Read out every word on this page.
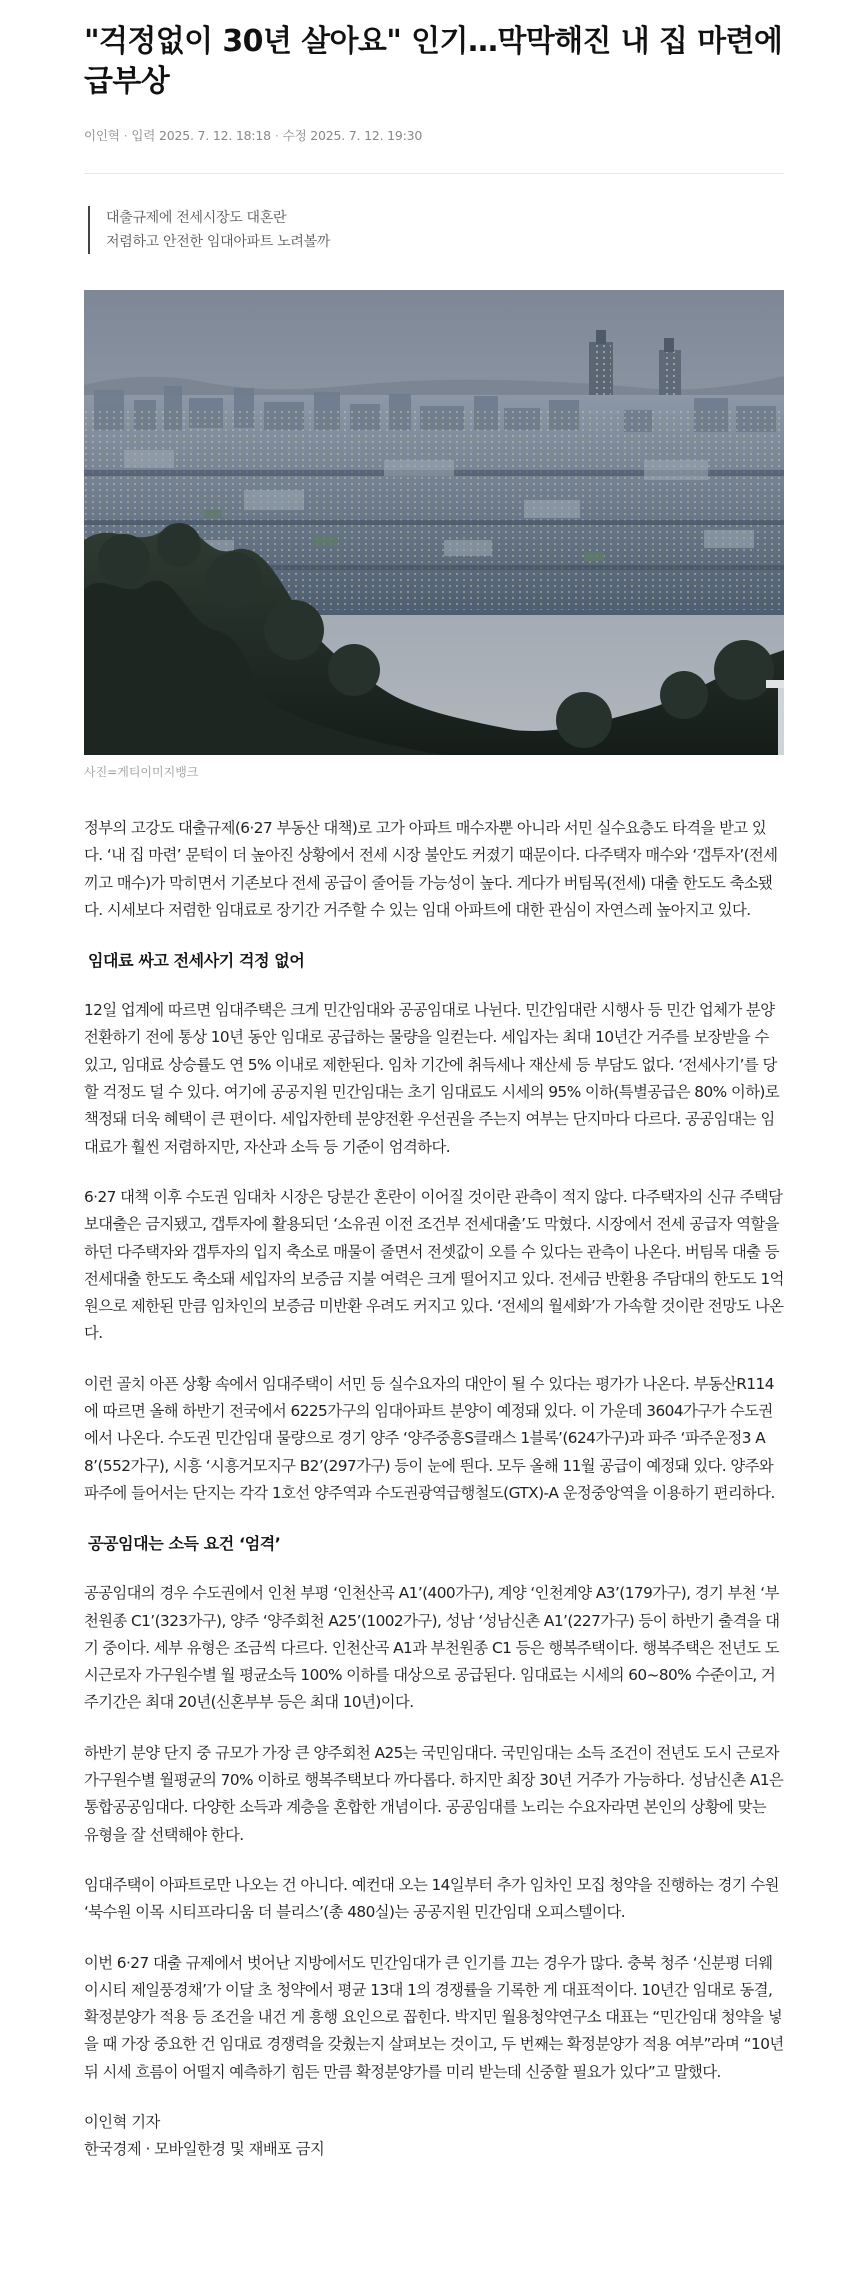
"걱정없이 30년 살아요" 인기…막막해진 내 집 마련에 급부상
이인혁 · 입력 2025. 7. 12. 18:18 · 수정 2025. 7. 12. 19:30
대출규제에 전세시장도 대혼란
저렴하고 안전한 임대아파트 노려볼까
사진=게티이미지뱅크

정부의 고강도 대출규제(6·27 부동산 대책)로 고가 아파트 매수자뿐 아니라 서민 실수요층도 타격을 받고 있다. ‘내 집 마련’ 문턱이 더 높아진 상황에서 전세 시장 불안도 커졌기 때문이다. 다주택자 매수와 ‘갭투자’(전세 끼고 매수)가 막히면서 기존보다 전세 공급이 줄어들 가능성이 높다. 게다가 버팀목(전세) 대출 한도도 축소됐다. 시세보다 저렴한 임대료로 장기간 거주할 수 있는 임대 아파트에 대한 관심이 자연스레 높아지고 있다.

임대료 싸고 전세사기 걱정 없어

12일 업계에 따르면 임대주택은 크게 민간임대와 공공임대로 나뉜다. 민간임대란 시행사 등 민간 업체가 분양전환하기 전에 통상 10년 동안 임대로 공급하는 물량을 일컫는다. 세입자는 최대 10년간 거주를 보장받을 수 있고, 임대료 상승률도 연 5% 이내로 제한된다. 임차 기간에 취득세나 재산세 등 부담도 없다. ‘전세사기’를 당할 걱정도 덜 수 있다. 여기에 공공지원 민간임대는 초기 임대료도 시세의 95% 이하(특별공급은 80% 이하)로 책정돼 더욱 혜택이 큰 편이다. 세입자한테 분양전환 우선권을 주는지 여부는 단지마다 다르다. 공공임대는 임대료가 훨씬 저렴하지만, 자산과 소득 등 기준이 엄격하다.

6·27 대책 이후 수도권 임대차 시장은 당분간 혼란이 이어질 것이란 관측이 적지 않다. 다주택자의 신규 주택담보대출은 금지됐고, 갭투자에 활용되던 ‘소유권 이전 조건부 전세대출’도 막혔다. 시장에서 전세 공급자 역할을 하던 다주택자와 갭투자의 입지 축소로 매물이 줄면서 전셋값이 오를 수 있다는 관측이 나온다. 버팀목 대출 등 전세대출 한도도 축소돼 세입자의 보증금 지불 여력은 크게 떨어지고 있다. 전세금 반환용 주담대의 한도도 1억원으로 제한된 만큼 임차인의 보증금 미반환 우려도 커지고 있다. ‘전세의 월세화’가 가속할 것이란 전망도 나온다.

이런 골치 아픈 상황 속에서 임대주택이 서민 등 실수요자의 대안이 될 수 있다는 평가가 나온다. 부동산R114에 따르면 올해 하반기 전국에서 6225가구의 임대아파트 분양이 예정돼 있다. 이 가운데 3604가구가 수도권에서 나온다. 수도권 민간임대 물량으로 경기 양주 ‘양주중흥S클래스 1블록’(624가구)과 파주 ‘파주운정3 A8’(552가구), 시흥 ‘시흥거모지구 B2’(297가구) 등이 눈에 띈다. 모두 올해 11월 공급이 예정돼 있다. 양주와 파주에 들어서는 단지는 각각 1호선 양주역과 수도권광역급행철도(GTX)-A 운정중앙역을 이용하기 편리하다.

공공임대는 소득 요건 ‘엄격’

공공임대의 경우 수도권에서 인천 부평 ‘인천산곡 A1’(400가구), 계양 ‘인천계양 A3’(179가구), 경기 부천 ‘부천원종 C1’(323가구), 양주 ‘양주회천 A25’(1002가구), 성남 ‘성남신촌 A1’(227가구) 등이 하반기 출격을 대기 중이다. 세부 유형은 조금씩 다르다. 인천산곡 A1과 부천원종 C1 등은 행복주택이다. 행복주택은 전년도 도시근로자 가구원수별 월 평균소득 100% 이하를 대상으로 공급된다. 임대료는 시세의 60~80% 수준이고, 거주기간은 최대 20년(신혼부부 등은 최대 10년)이다.

하반기 분양 단지 중 규모가 가장 큰 양주회천 A25는 국민임대다. 국민임대는 소득 조건이 전년도 도시 근로자 가구원수별 월평균의 70% 이하로 행복주택보다 까다롭다. 하지만 최장 30년 거주가 가능하다. 성남신촌 A1은 통합공공임대다. 다양한 소득과 계층을 혼합한 개념이다. 공공임대를 노리는 수요자라면 본인의 상황에 맞는 유형을 잘 선택해야 한다.

임대주택이 아파트로만 나오는 건 아니다. 예컨대 오는 14일부터 추가 임차인 모집 청약을 진행하는 경기 수원 ‘북수원 이목 시티프라디움 더 블리스’(총 480실)는 공공지원 민간임대 오피스텔이다.

이번 6·27 대출 규제에서 벗어난 지방에서도 민간임대가 큰 인기를 끄는 경우가 많다. 충북 청주 ‘신분평 더웨이시티 제일풍경채’가 이달 초 청약에서 평균 13대 1의 경쟁률을 기록한 게 대표적이다. 10년간 임대로 동결, 확정분양가 적용 등 조건을 내건 게 흥행 요인으로 꼽힌다. 박지민 월용청약연구소 대표는 “민간임대 청약을 넣을 때 가장 중요한 건 임대료 경쟁력을 갖췄는지 살펴보는 것이고, 두 번째는 확정분양가 적용 여부”라며 “10년 뒤 시세 흐름이 어떨지 예측하기 힘든 만큼 확정분양가를 미리 받는데 신중할 필요가 있다”고 말했다.

이인혁 기자
한국경제 · 모바일한경 및 재배포 금지
